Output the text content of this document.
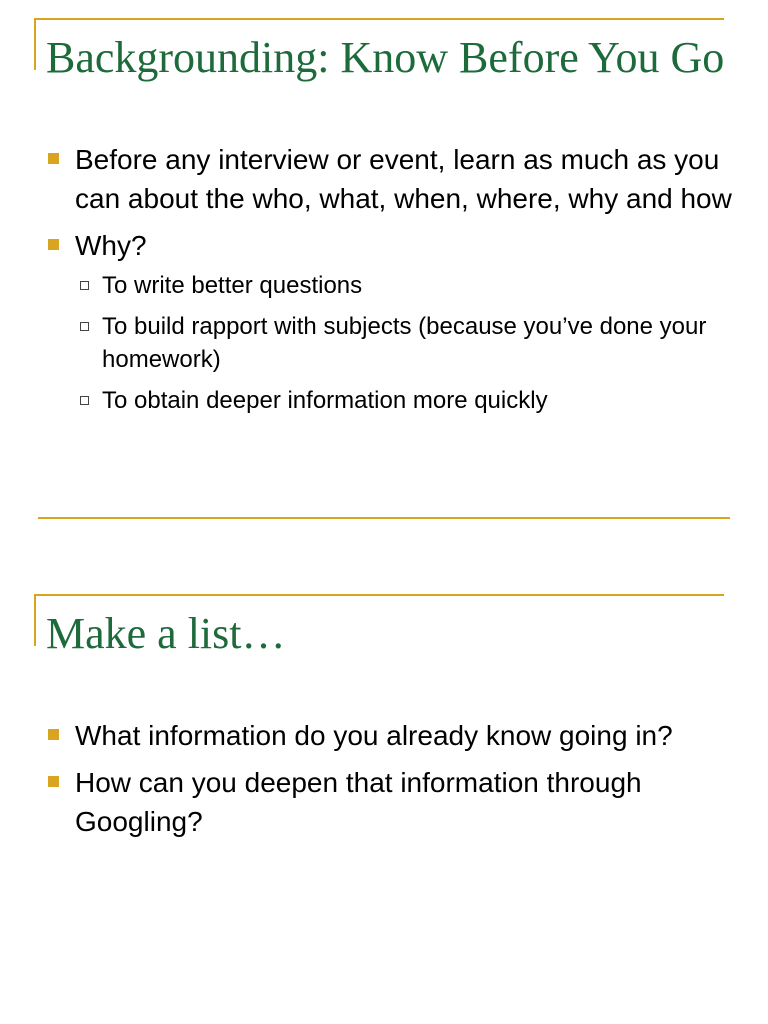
Backgrounding: Know Before You Go
Before any interview or event, learn as much as you can about the who, what, when, where, why and how
Why?
To write better questions
To build rapport with subjects (because you’ve done your homework)
To obtain deeper information more quickly
Make a list…
What information do you already know going in?
How can you deepen that information through Googling?
